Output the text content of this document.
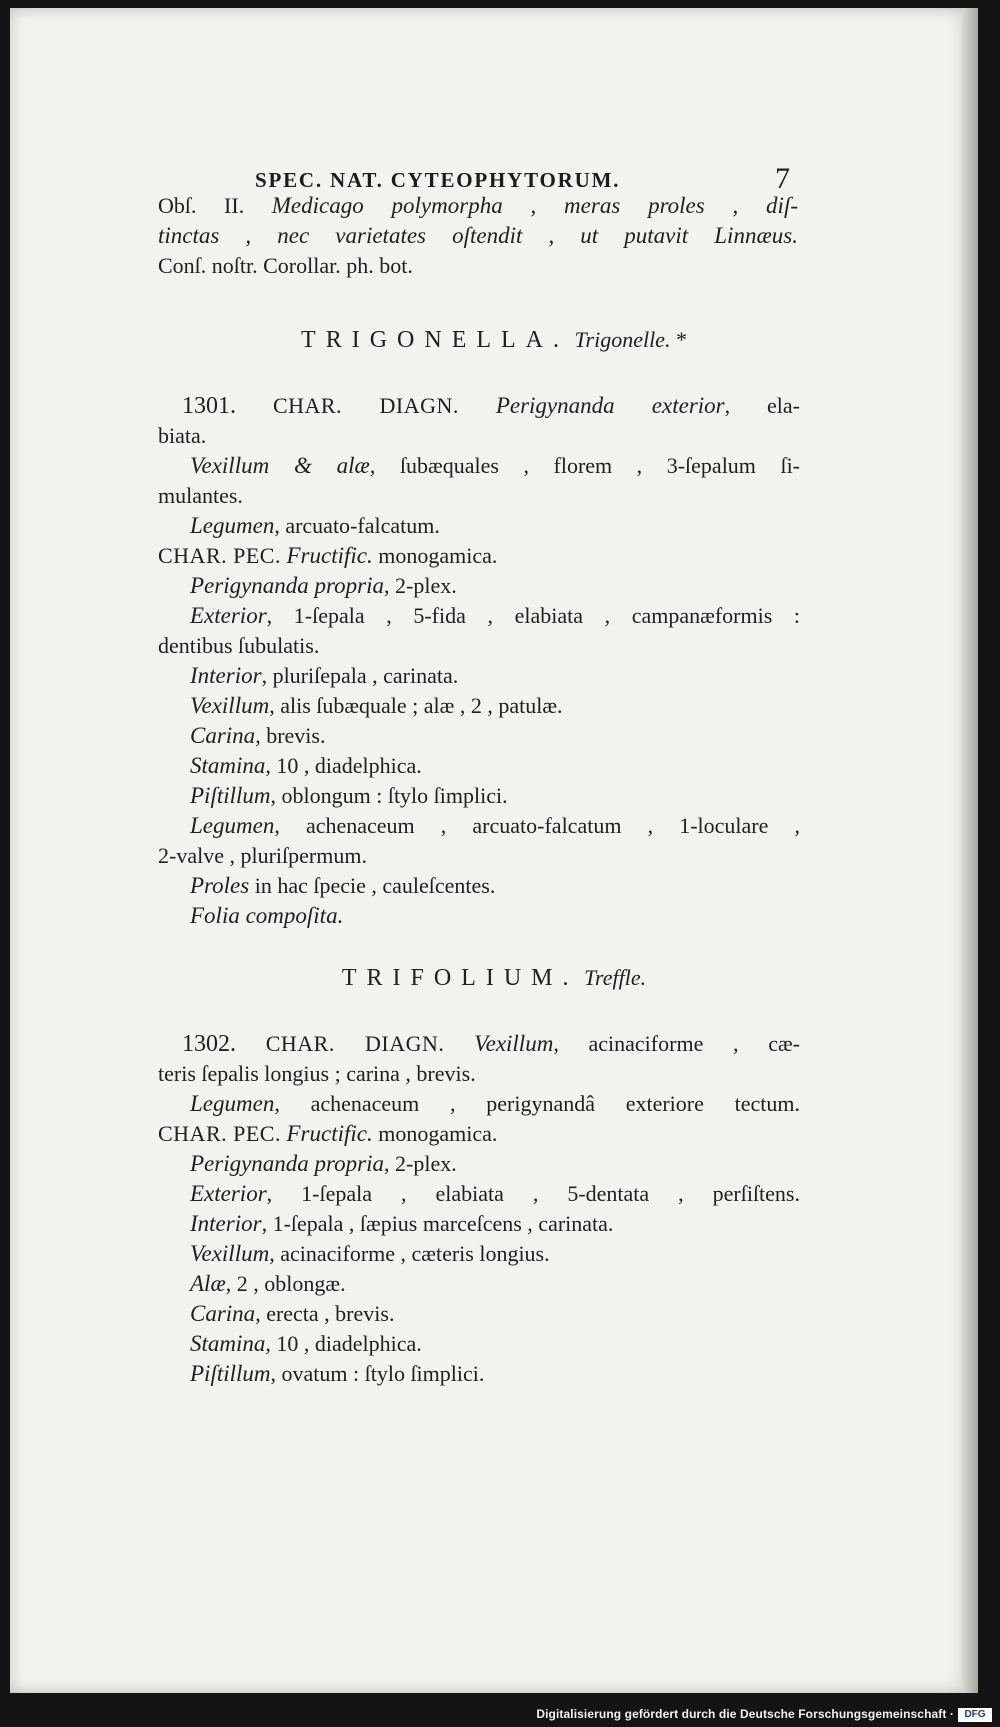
SPEC. NAT. CYTEOPHYTORUM.	7
Obſ. II. Medicago polymorpha , meras proles , diſ-
tinctas , nec varietates oſtendit , ut putavit Linnæus.
Conſ. noſtr. Corollar. ph. bot.
TRIGONELLA. Trigonelle. *
1301. CHAR. DIAGN. Perigynanda exterior, ela-
biata.
Vexillum & alæ, ſubæquales , florem , 3-ſepalum ſi-
mulantes.
Legumen, arcuato-falcatum.
CHAR. PEC. Fructific. monogamica.
Perigynanda propria, 2-plex.
Exterior, 1-ſepala , 5-fida , elabiata , campanæformis :
dentibus ſubulatis.
Interior, pluriſepala , carinata.
Vexillum, alis ſubæquale ; alæ , 2 , patulæ.
Carina, brevis.
Stamina, 10 , diadelphica.
Piſtillum, oblongum : ſtylo ſimplici.
Legumen, achenaceum , arcuato-falcatum , 1-loculare ,
2-valve , pluriſpermum.
Proles in hac ſpecie , cauleſcentes.
Folia compoſita.
TRIFOLIUM. Treffle.
1302. CHAR. DIAGN. Vexillum, acinaciforme , cæ-
teris ſepalis longius ; carina , brevis.
Legumen, achenaceum , perigynandâ exteriore tectum.
CHAR. PEC. Fructific. monogamica.
Perigynanda propria, 2-plex.
Exterior, 1-ſepala , elabiata , 5-dentata , perſiſtens.
Interior, 1-ſepala , ſæpius marceſcens , carinata.
Vexillum, acinaciforme , cæteris longius.
Alæ, 2 , oblongæ.
Carina, erecta , brevis.
Stamina, 10 , diadelphica.
Piſtillum, ovatum : ſtylo ſimplici.
Digitalisierung gefördert durch die Deutsche Forschungsgemeinschaft ·	DFG
